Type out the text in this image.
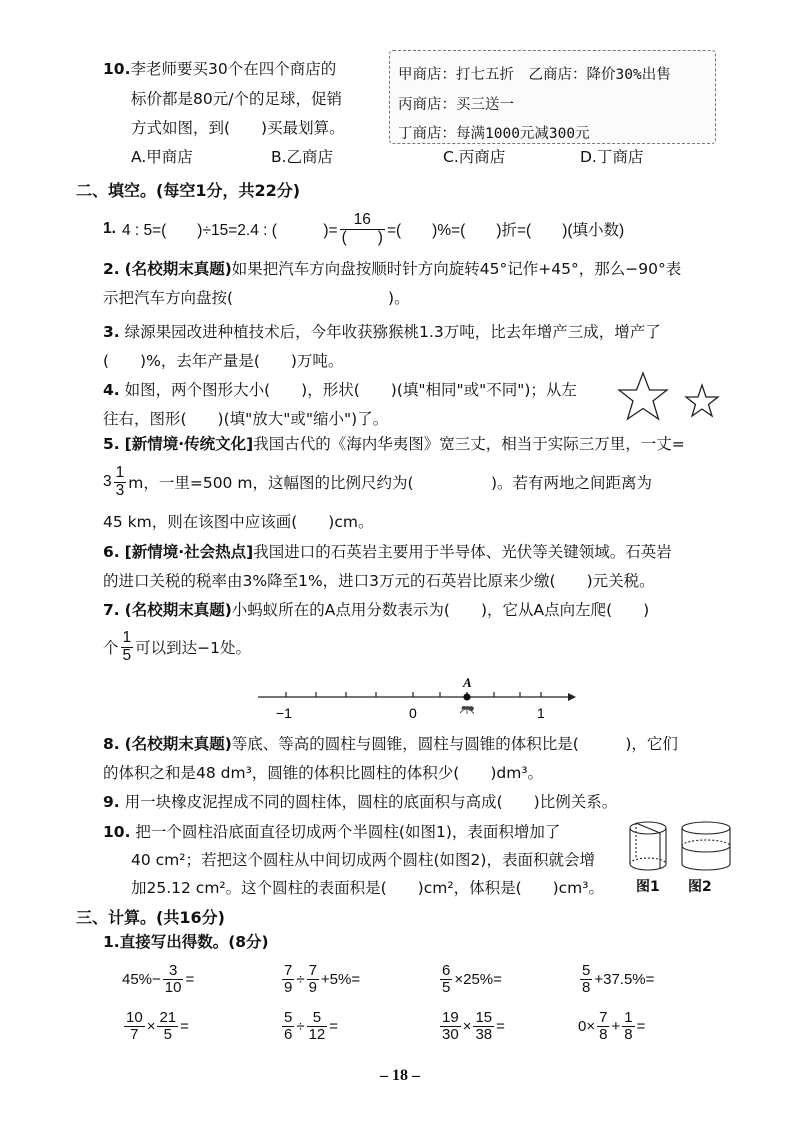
10.李老师要买30个在四个商店的
标价都是80元/个的足球，促销
方式如图，到(　　)买最划算。
甲商店：打七五折　乙商店：降价30%出售
丙商店：买三送一
丁商店：每满1000元减300元
A.甲商店	B.乙商店	C.丙商店	D.丁商店
二、填空。(每空1分，共22分)
1. 4 : 5=(　　)÷15=2.4 : (　　　)= $\frac{16}{( )}$ =(　　)%=(　　)折=(　　)(填小数)
2. (名校期末真题)如果把汽车方向盘按顺时针方向旋转45°记作+45°，那么−90°表
示把汽车方向盘按(　　　　　　　　　　)。
3. 绿源果园改进种植技术后，今年收获猕猴桃1.3万吨，比去年增产三成，增产了
(　　)%，去年产量是(　　)万吨。
4. 如图，两个图形大小(　　)，形状(　　)(填"相同"或"不同")；从左
往右，图形(　　)(填"放大"或"缩小")了。
5. [新情境·传统文化]我国古代的《海内华夷图》宽三丈，相当于实际三万里，一丈=
$3 \frac{1}{3}$ m，一里=500 m，这幅图的比例尺约为(　　　　　)。若有两地之间距离为
45 km，则在该图中应该画(　　)cm。
6. [新情境·社会热点]我国进口的石英岩主要用于半导体、光伏等关键领域。石英岩
的进口关税的税率由3%降至1%，进口3万元的石英岩比原来少缴(　　)元关税。
7. (名校期末真题)小蚂蚁所在的A点用分数表示为(　　)，它从A点向左爬(　　)
个 $\frac{1}{5}$ 可以到达−1处。
A
−1	0	1
8. (名校期末真题)等底、等高的圆柱与圆锥，圆柱与圆锥的体积比是(　　　)，它们
的体积之和是48 dm³，圆锥的体积比圆柱的体积少(　　)dm³。
9. 用一块橡皮泥捏成不同的圆柱体，圆柱的底面积与高成(　　)比例关系。
10. 把一个圆柱沿底面直径切成两个半圆柱(如图1)，表面积增加了
40 cm²；若把这个圆柱从中间切成两个圆柱(如图2)，表面积就会增
加25.12 cm²。这个圆柱的表面积是(　　)cm²，体积是(　　)cm³。 图1 图2
三、计算。(共16分)
1.直接写出得数。(8分)
$45\%- \frac{3}{10}$ =	$\frac{7}{9} \div \frac{7}{9} +5\%=$	$\frac{6}{5} \times 25\%=$	$\frac{5}{8} +37.5\%=$
$\frac{10}{7} \times \frac{21}{5}$ =	$\frac{5}{6} \div \frac{5}{12}$ =	$\frac{19}{30} \times \frac{15}{38}$ =	$0\times \frac{7}{8} + \frac{1}{8}$ =
– 18 –
